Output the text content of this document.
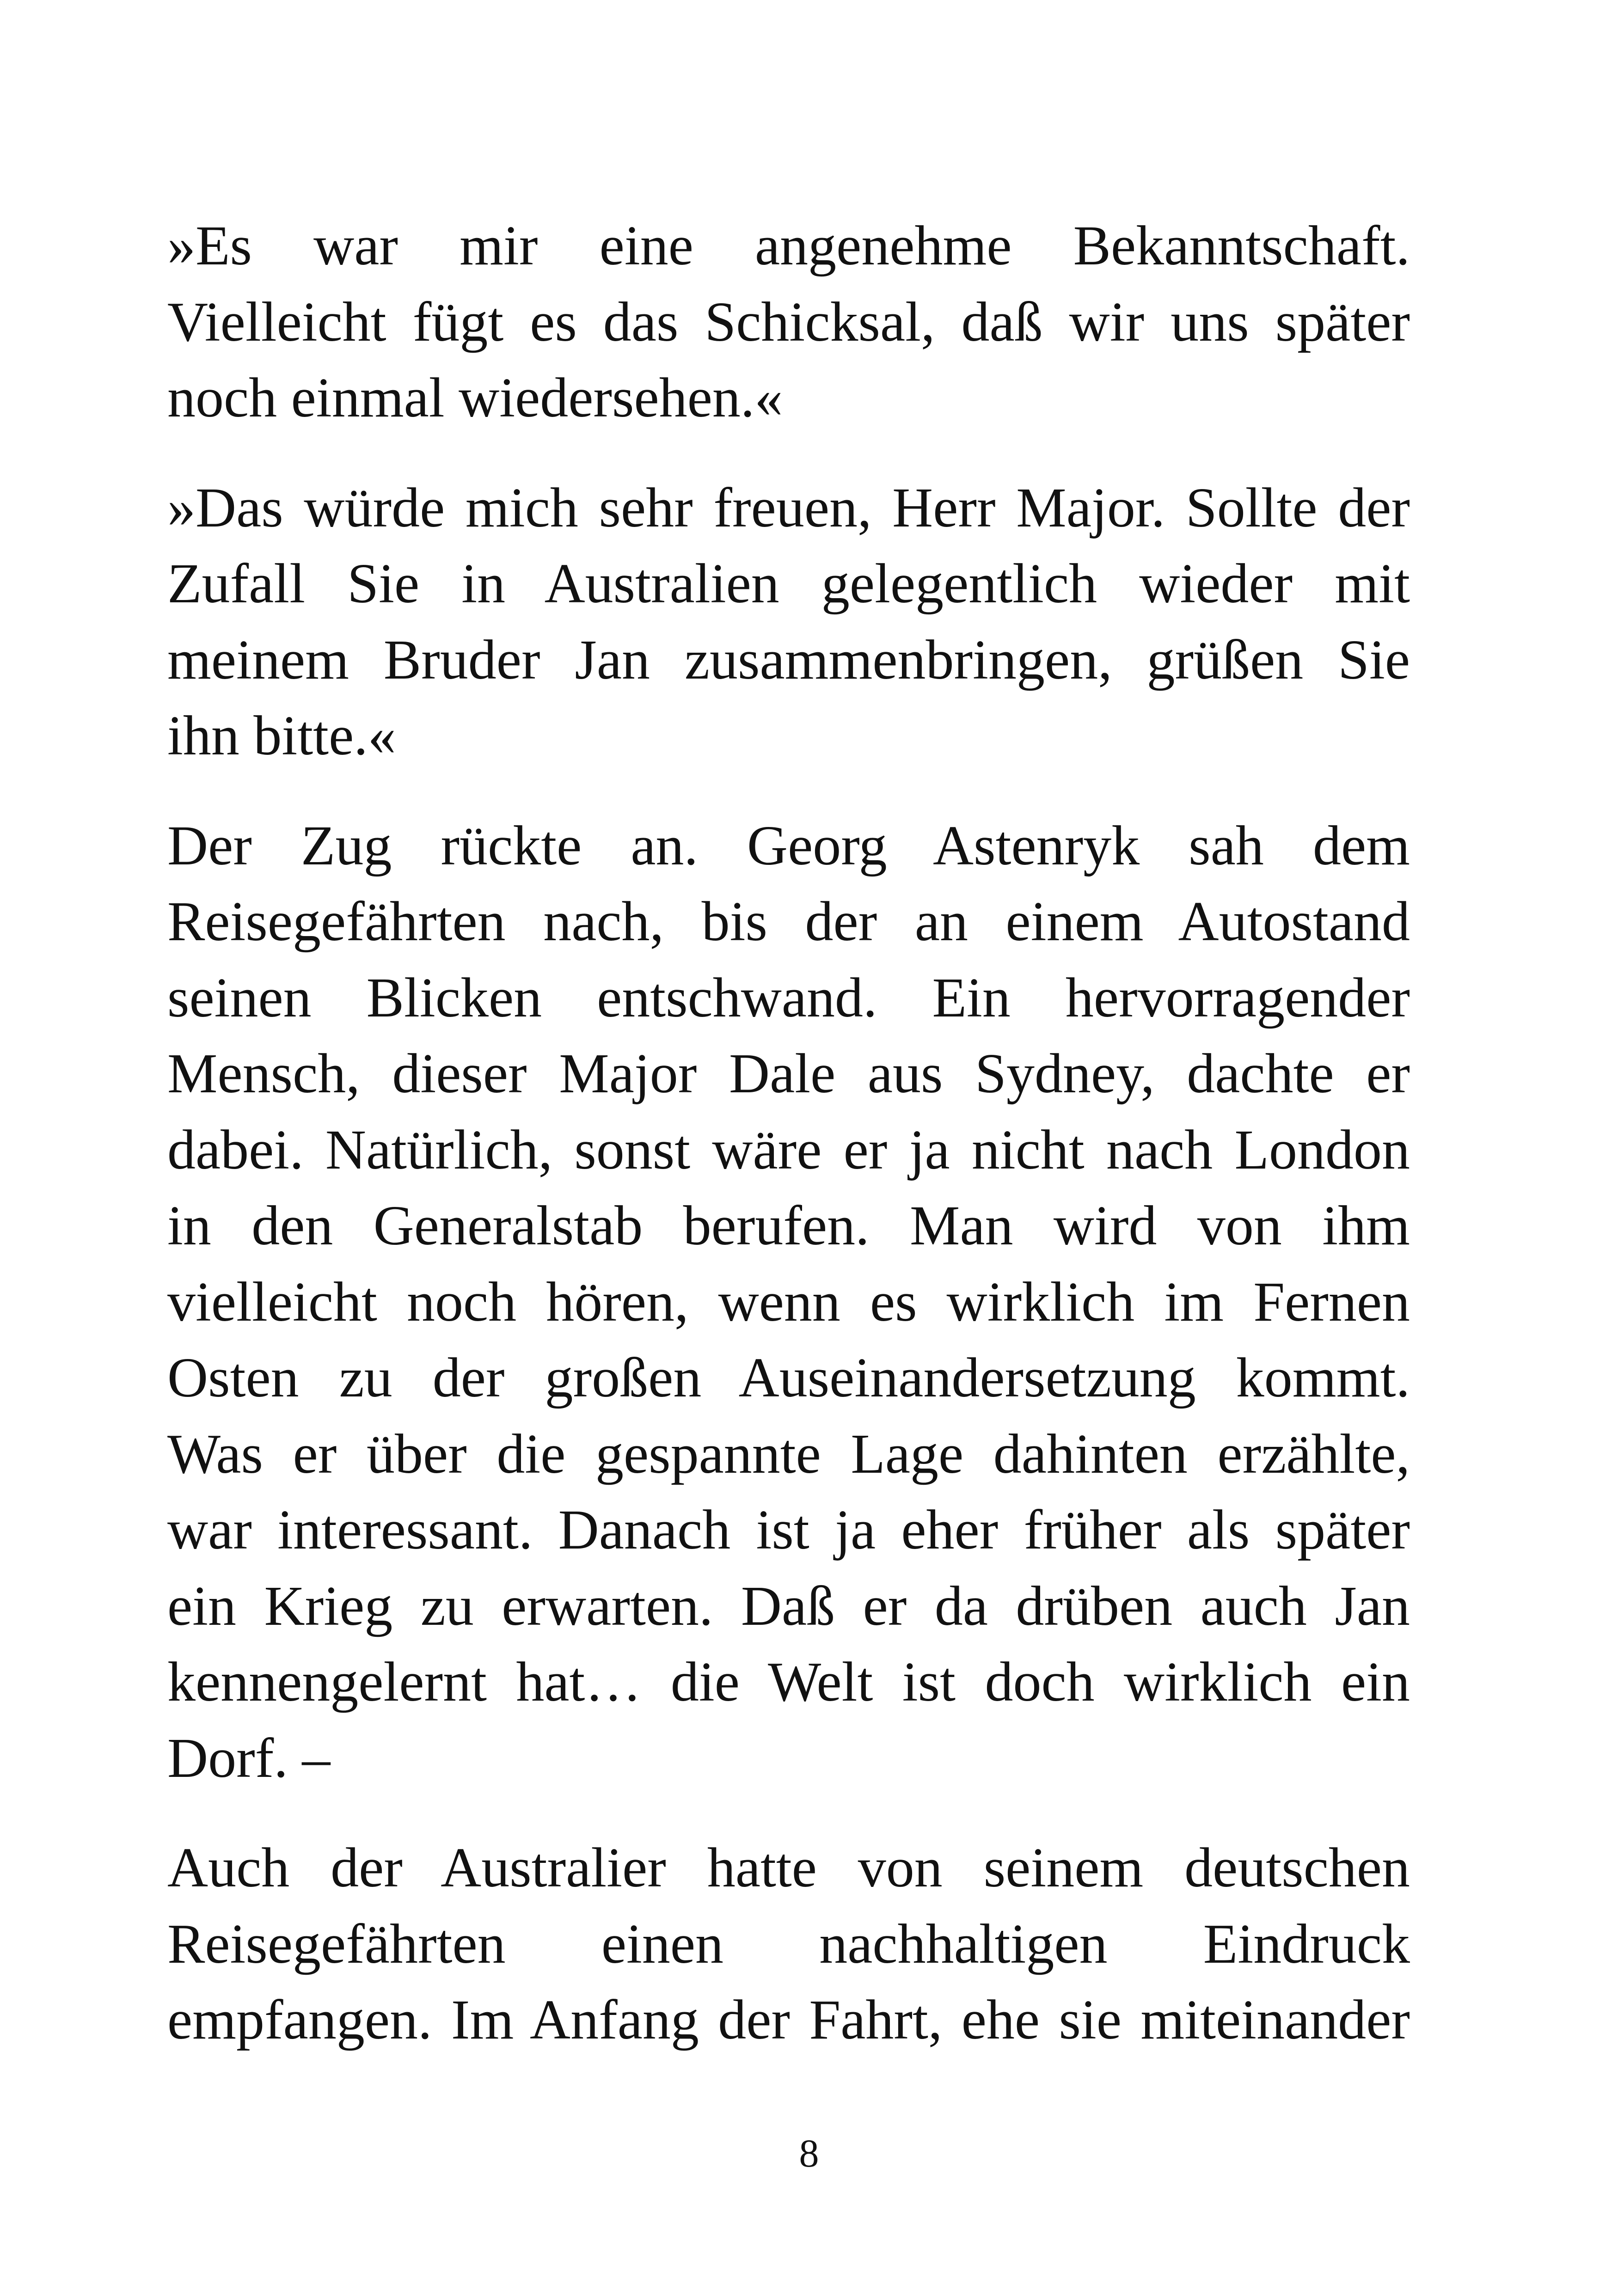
»Es war mir eine angenehme Bekanntschaft.
Vielleicht fügt es das Schicksal, daß wir uns später
noch einmal wiedersehen.«
»Das würde mich sehr freuen, Herr Major. Sollte der
Zufall Sie in Australien gelegentlich wieder mit
meinem Bruder Jan zusammenbringen, grüßen Sie
ihn bitte.«
Der Zug rückte an. Georg Astenryk sah dem
Reisegefährten nach, bis der an einem Autostand
seinen Blicken entschwand. Ein hervorragender
Mensch, dieser Major Dale aus Sydney, dachte er
dabei. Natürlich, sonst wäre er ja nicht nach London
in den Generalstab berufen. Man wird von ihm
vielleicht noch hören, wenn es wirklich im Fernen
Osten zu der großen Auseinandersetzung kommt.
Was er über die gespannte Lage dahinten erzählte,
war interessant. Danach ist ja eher früher als später
ein Krieg zu erwarten. Daß er da drüben auch Jan
kennengelernt hat… die Welt ist doch wirklich ein
Dorf. –
Auch der Australier hatte von seinem deutschen
Reisegefährten einen nachhaltigen Eindruck
empfangen. Im Anfang der Fahrt, ehe sie miteinander
8
